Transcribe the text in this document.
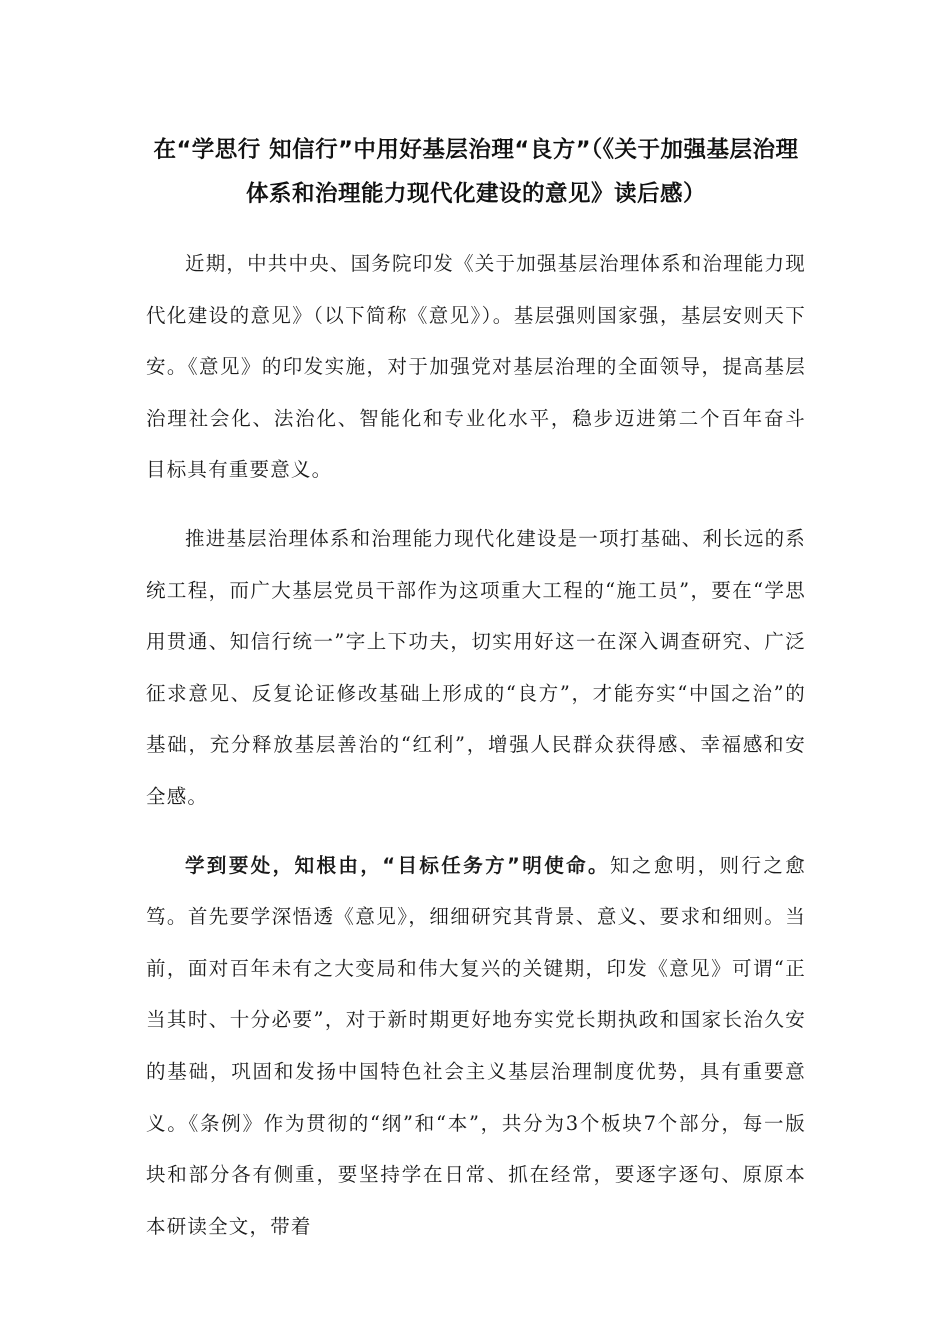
在“学思行 知信行”中用好基层治理“良方”（《关于加强基层治理体系和治理能力现代化建设的意见》读后感）

近期，中共中央、国务院印发《关于加强基层治理体系和治理能力现代化建设的意见》（以下简称《意见》）。基层强则国家强，基层安则天下安。《意见》的印发实施，对于加强党对基层治理的全面领导，提高基层治理社会化、法治化、智能化和专业化水平，稳步迈进第二个百年奋斗目标具有重要意义。

推进基层治理体系和治理能力现代化建设是一项打基础、利长远的系统工程，而广大基层党员干部作为这项重大工程的“施工员”，要在“学思用贯通、知信行统一”字上下功夫，切实用好这一在深入调查研究、广泛征求意见、反复论证修改基础上形成的“良方”，才能夯实“中国之治”的基础，充分释放基层善治的“红利”，增强人民群众获得感、幸福感和安全感。

学到要处，知根由，“目标任务方”明使命。知之愈明，则行之愈笃。首先要学深悟透《意见》，细细研究其背景、意义、要求和细则。当前，面对百年未有之大变局和伟大复兴的关键期，印发《意见》可谓“正当其时、十分必要”，对于新时期更好地夯实党长期执政和国家长治久安的基础，巩固和发扬中国特色社会主义基层治理制度优势，具有重要意义。《条例》作为贯彻的“纲”和“本”，共分为3个板块7个部分，每一版块和部分各有侧重，要坚持学在日常、抓在经常，要逐字逐句、原原本本研读全文，带着
